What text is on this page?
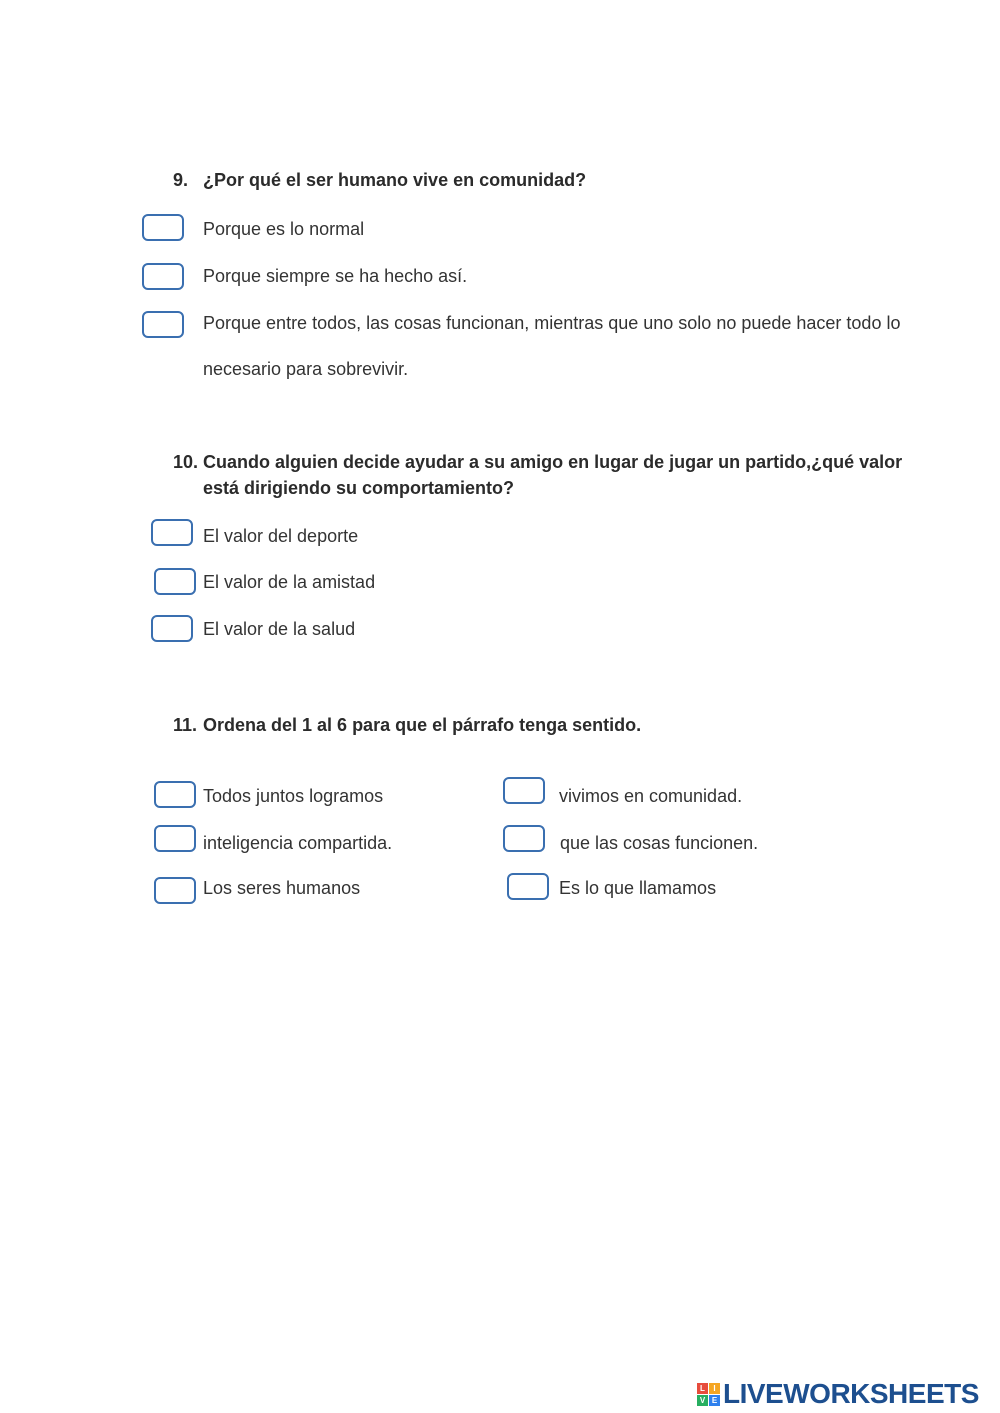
9. ¿Por qué el ser humano vive en comunidad?
Porque es lo normal
Porque siempre se ha hecho así.
Porque entre todos, las cosas funcionan, mientras que uno solo no puede hacer todo lo
necesario para sobrevivir.
10. Cuando alguien decide ayudar a su amigo en lugar de jugar un partido,¿qué valor
está dirigiendo su comportamiento?
El valor del deporte
El valor de la amistad
El valor de la salud
11. Ordena del 1 al 6 para que el párrafo tenga sentido.
Todos juntos logramos
inteligencia compartida.
Los seres humanos
vivimos en comunidad.
que las cosas funcionen.
Es lo que llamamos
L	I
V E LIVEWORKSHEETS
